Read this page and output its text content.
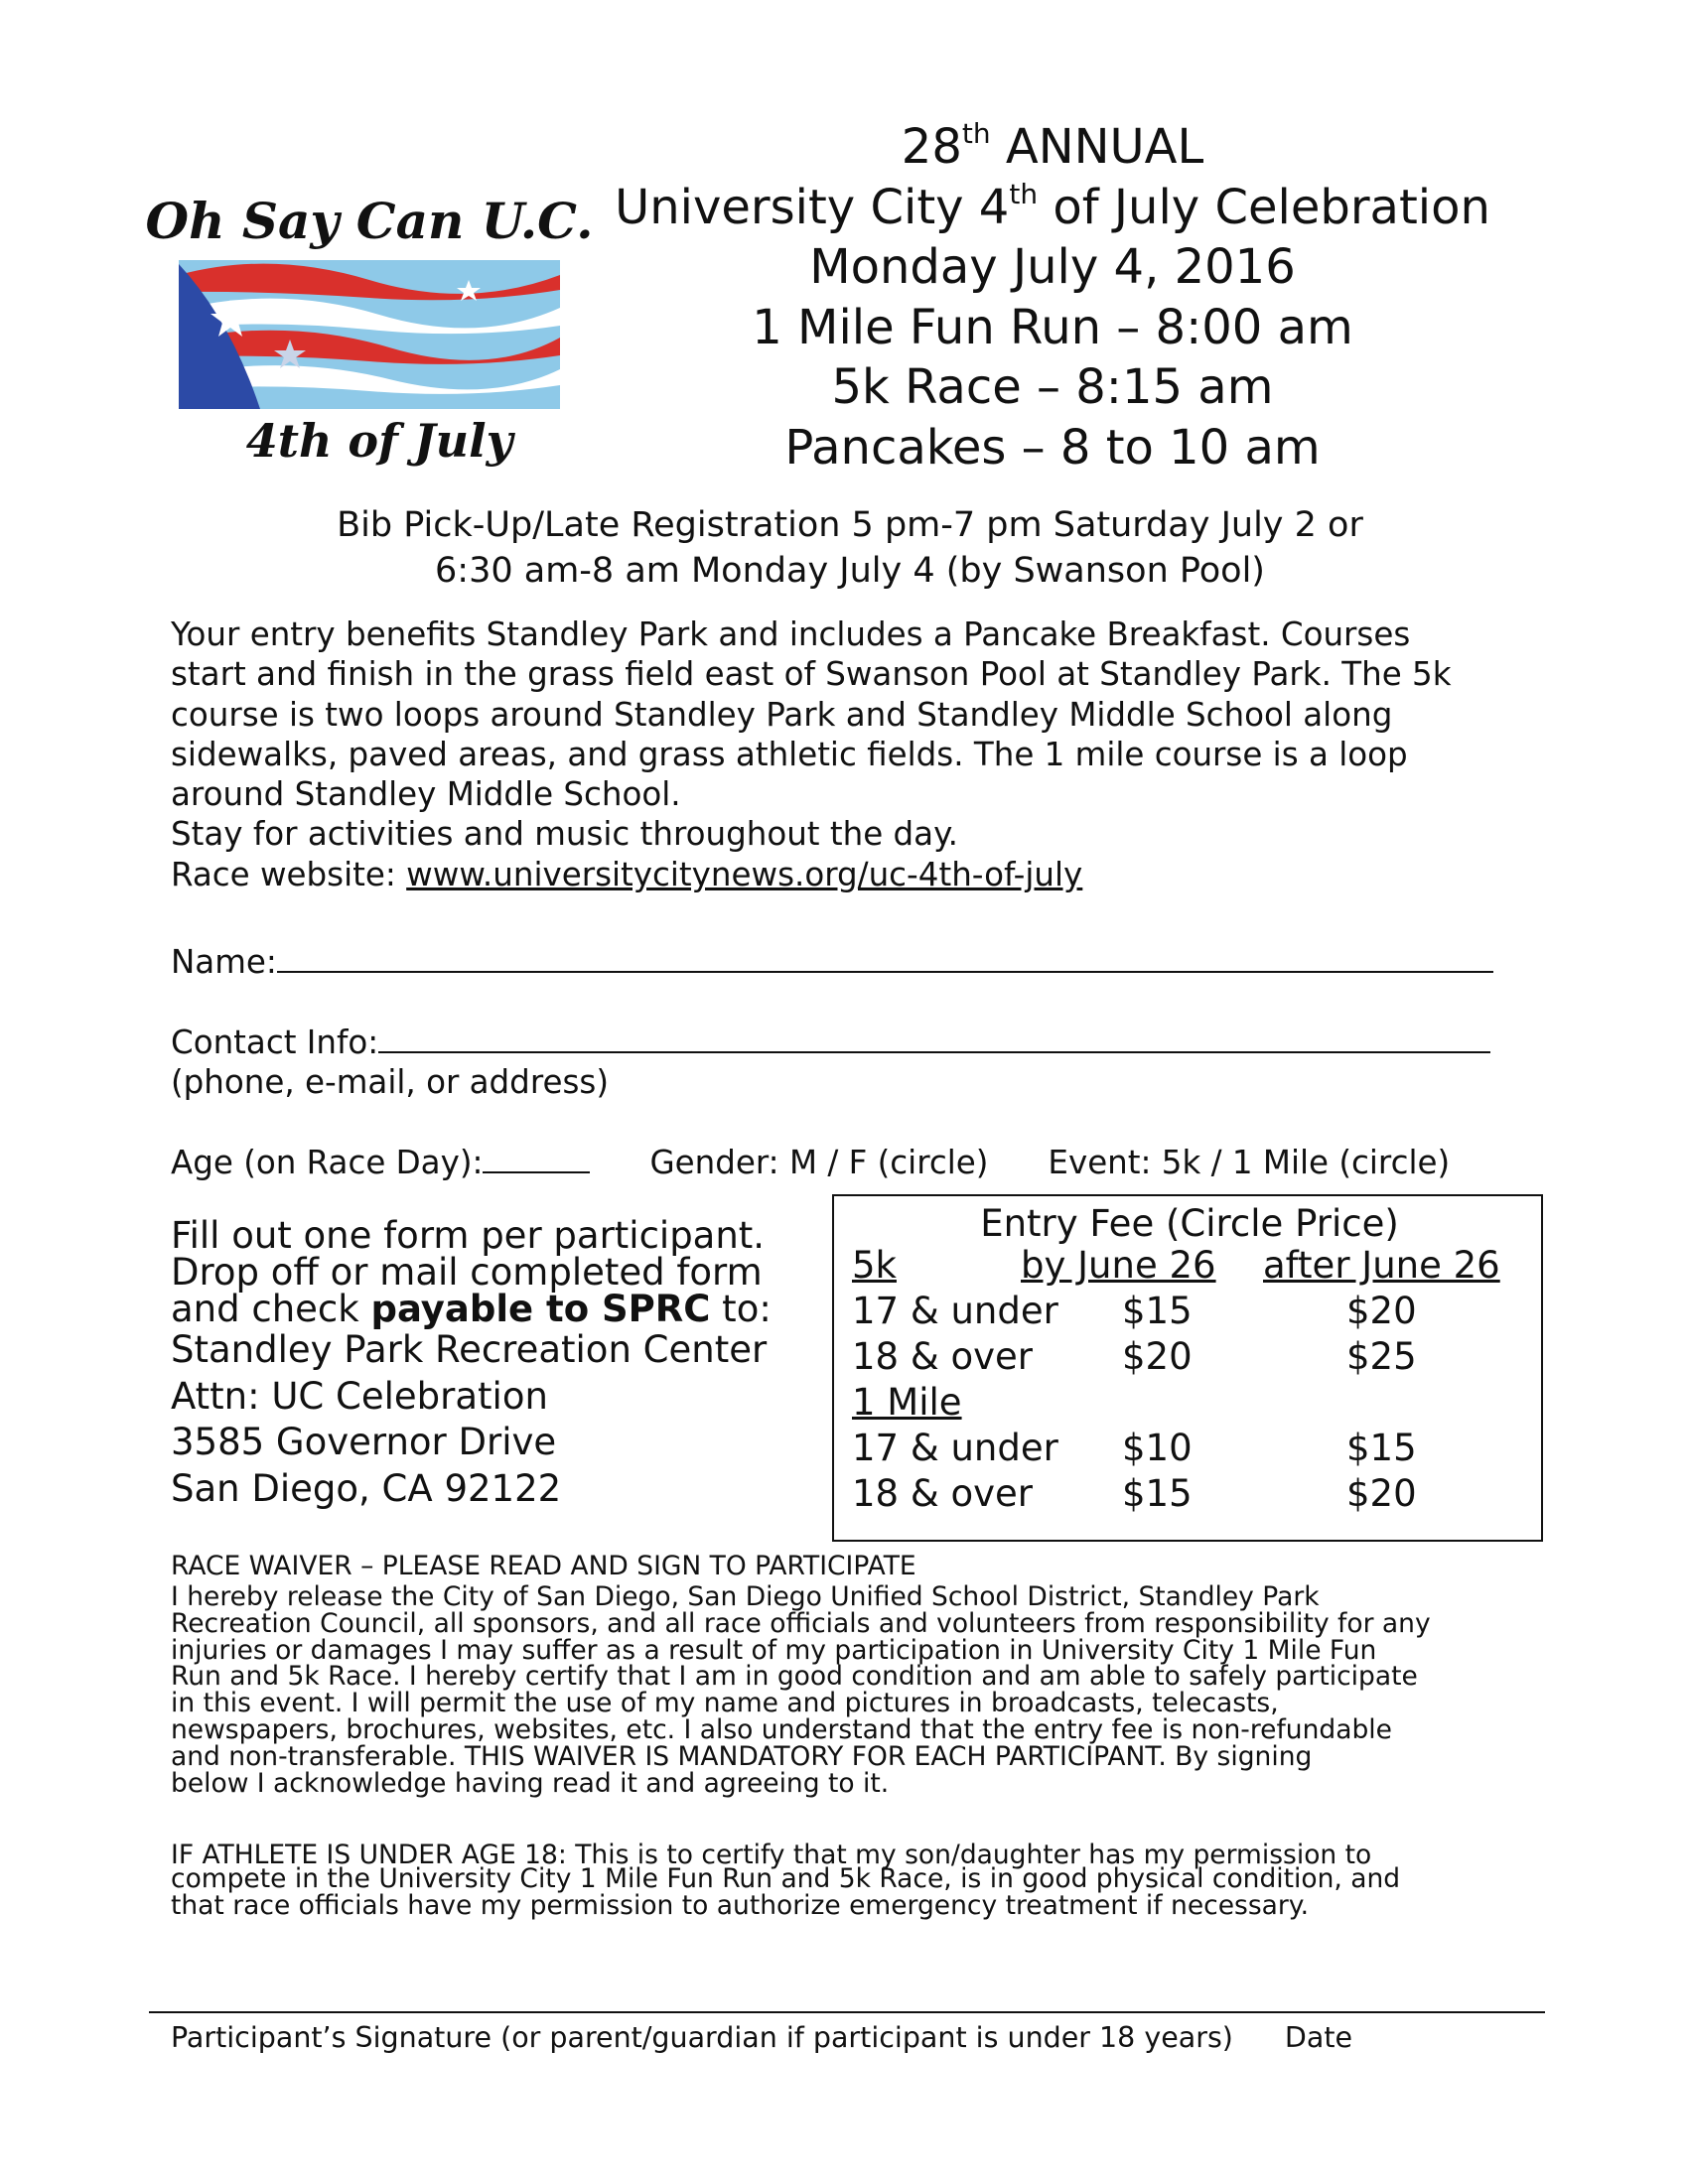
Oh Say Can U.C.
4th of July
28th ANNUAL
University City 4th of July Celebration
Monday July 4, 2016
1 Mile Fun Run – 8:00 am
5k Race – 8:15 am
Pancakes – 8 to 10 am
Bib Pick-Up/Late Registration 5 pm-7 pm Saturday July 2 or
6:30 am-8 am Monday July 4 (by Swanson Pool)

Your entry benefits Standley Park and includes a Pancake Breakfast. Courses

start and finish in the grass field east of Swanson Pool at Standley Park. The 5k

course is two loops around Standley Park and Standley Middle School along

sidewalks, paved areas, and grass athletic fields. The 1 mile course is a loop

around Standley Middle School.

Stay for activities and music throughout the day.

Race website: www.universitycitynews.org/uc-4th-of-july

Name:
Contact Info:
(phone, e-mail, or address)
Age (on Race Day):	Gender: M / F (circle) Event: 5k / 1 Mile (circle)
Fill out one form per participant.
Drop off or mail completed form
and check payable to SPRC to:
Standley Park Recreation Center
Attn: UC Celebration
3585 Governor Drive
San Diego, CA 92122
Entry Fee (Circle Price)
5k	by June 26 after June 26
17 & under $15	$20
18 & over $20	$25
1 Mile
17 & under $10	$15
18 & over $15	$20
RACE WAIVER – PLEASE READ AND SIGN TO PARTICIPATE
I hereby release the City of San Diego, San Diego Unified School District, Standley Park
Recreation Council, all sponsors, and all race officials and volunteers from responsibility for any
injuries or damages I may suffer as a result of my participation in University City 1 Mile Fun
Run and 5k Race. I hereby certify that I am in good condition and am able to safely participate
in this event. I will permit the use of my name and pictures in broadcasts, telecasts,
newspapers, brochures, websites, etc. I also understand that the entry fee is non-refundable
and non-transferable. THIS WAIVER IS MANDATORY FOR EACH PARTICIPANT. By signing
below I acknowledge having read it and agreeing to it.
IF ATHLETE IS UNDER AGE 18: This is to certify that my son/daughter has my permission to
compete in the University City 1 Mile Fun Run and 5k Race, is in good physical condition, and
that race officials have my permission to authorize emergency treatment if necessary.
Participant’s Signature (or parent/guardian if participant is under 18 years) Date
